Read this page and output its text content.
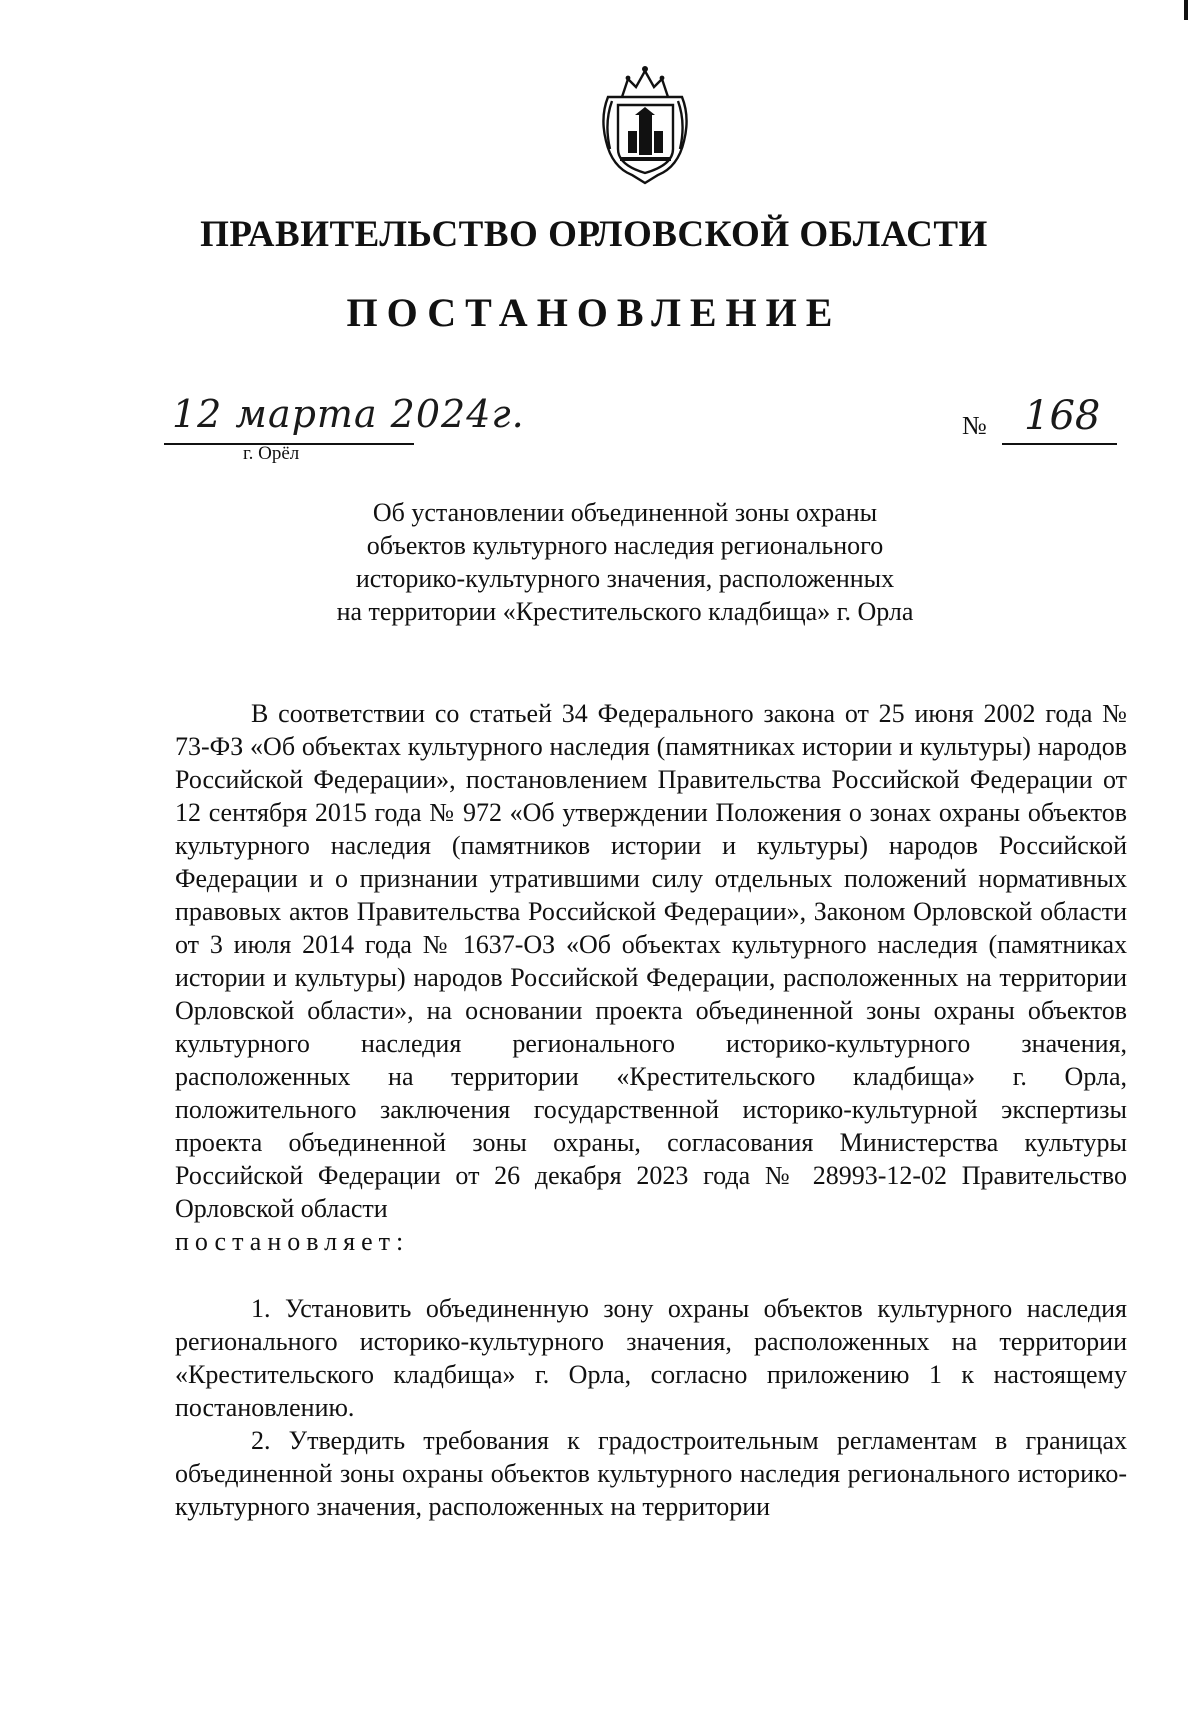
ПРАВИТЕЛЬСТВО ОРЛОВСКОЙ ОБЛАСТИ
ПОСТАНОВЛЕНИЕ
12 марта 2024г.
г. Орёл
№ 168
Об установлении объединенной зоны охраны
объектов культурного наследия регионального
историко-культурного значения, расположенных
на территории «Крестительского кладбища» г. Орла

В соответствии со статьей 34 Федерального закона от 25 июня 2002 года № 73-ФЗ «Об объектах культурного наследия (памятниках истории и культуры) народов Российской Федерации», постановлением Правительства Российской Федерации от 12 сентября 2015 года № 972 «Об утверждении Положения о зонах охраны объектов культурного наследия (памятников истории и культуры) народов Российской Федерации и о признании утратившими силу отдельных положений нормативных правовых актов Правительства Российской Федерации», Законом Орловской области от 3 июля 2014 года № 1637-ОЗ «Об объектах культурного наследия (памятниках истории и культуры) народов Российской Федерации, расположенных на территории Орловской области», на основании проекта объединенной зоны охраны объектов культурного наследия регионального историко-культурного значения, расположенных на территории «Крестительского кладбища» г. Орла, положительного заключения государственной историко-культурной экспертизы проекта объединенной зоны охраны, согласования Министерства культуры Российской Федерации от 26 декабря 2023 года № 28993-12-02 Правительство Орловской области
постановляет:

1. Установить объединенную зону охраны объектов культурного наследия регионального историко-культурного значения, расположенных на территории «Крестительского кладбища» г. Орла, согласно приложению 1 к настоящему постановлению.

2. Утвердить требования к градостроительным регламентам в границах объединенной зоны охраны объектов культурного наследия регионального историко-культурного значения, расположенных на территории
